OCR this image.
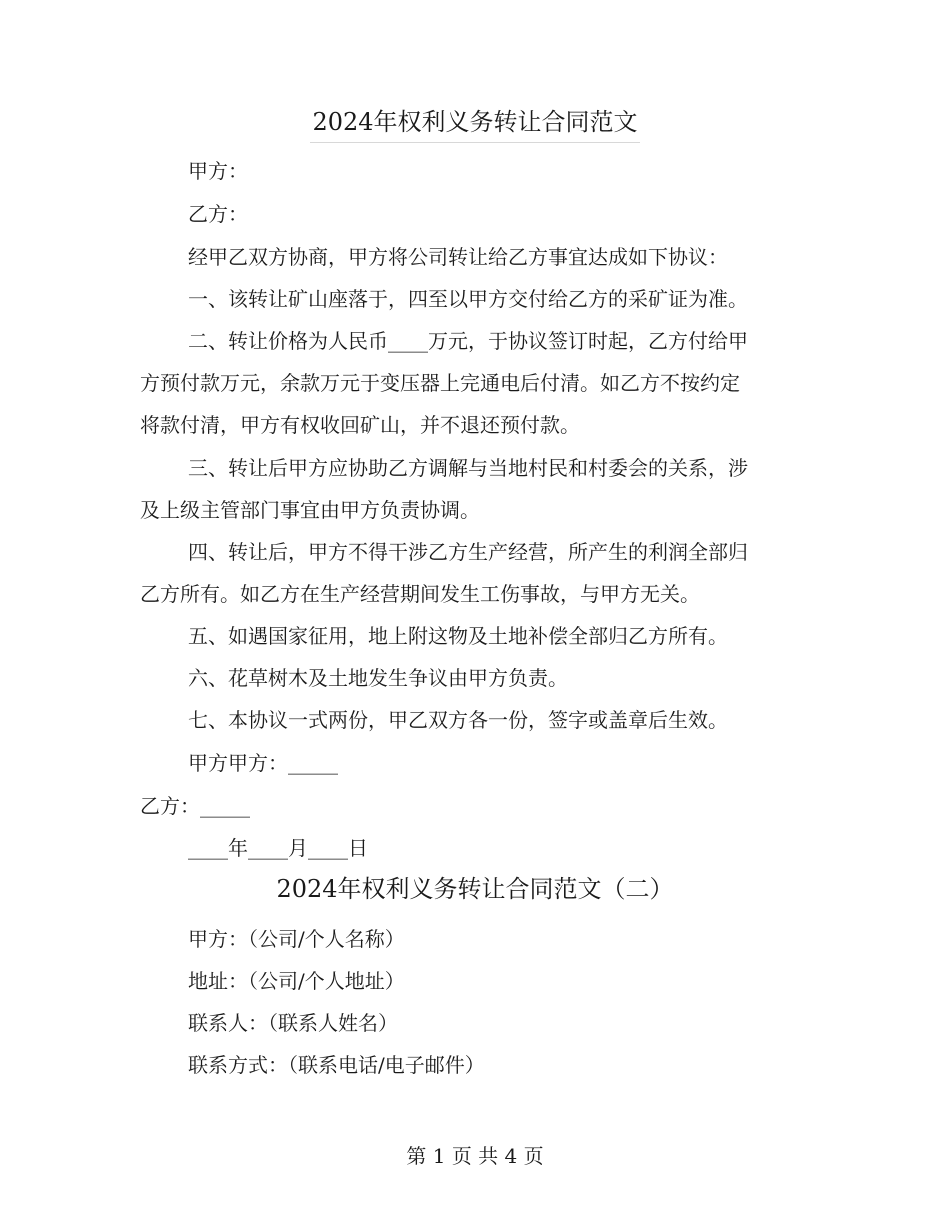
2024年权利义务转让合同范文
甲方：
乙方：
经甲乙双方协商，甲方将公司转让给乙方事宜达成如下协议：
一、该转让矿山座落于，四至以甲方交付给乙方的采矿证为准。
二、转让价格为人民币____万元，于协议签订时起，乙方付给甲
方预付款万元，余款万元于变压器上完通电后付清。如乙方不按约定
将款付清，甲方有权收回矿山，并不退还预付款。
三、转让后甲方应协助乙方调解与当地村民和村委会的关系，涉
及上级主管部门事宜由甲方负责协调。
四、转让后，甲方不得干涉乙方生产经营，所产生的利润全部归
乙方所有。如乙方在生产经营期间发生工伤事故，与甲方无关。
五、如遇国家征用，地上附这物及土地补偿全部归乙方所有。
六、花草树木及土地发生争议由甲方负责。
七、本协议一式两份，甲乙双方各一份，签字或盖章后生效。
甲方甲方：_____
乙方：_____
____年____月____日
2024年权利义务转让合同范文（二）
甲方：（公司/个人名称）
地址：（公司/个人地址）
联系人：（联系人姓名）
联系方式：（联系电话/电子邮件）
第 1 页 共 4 页
